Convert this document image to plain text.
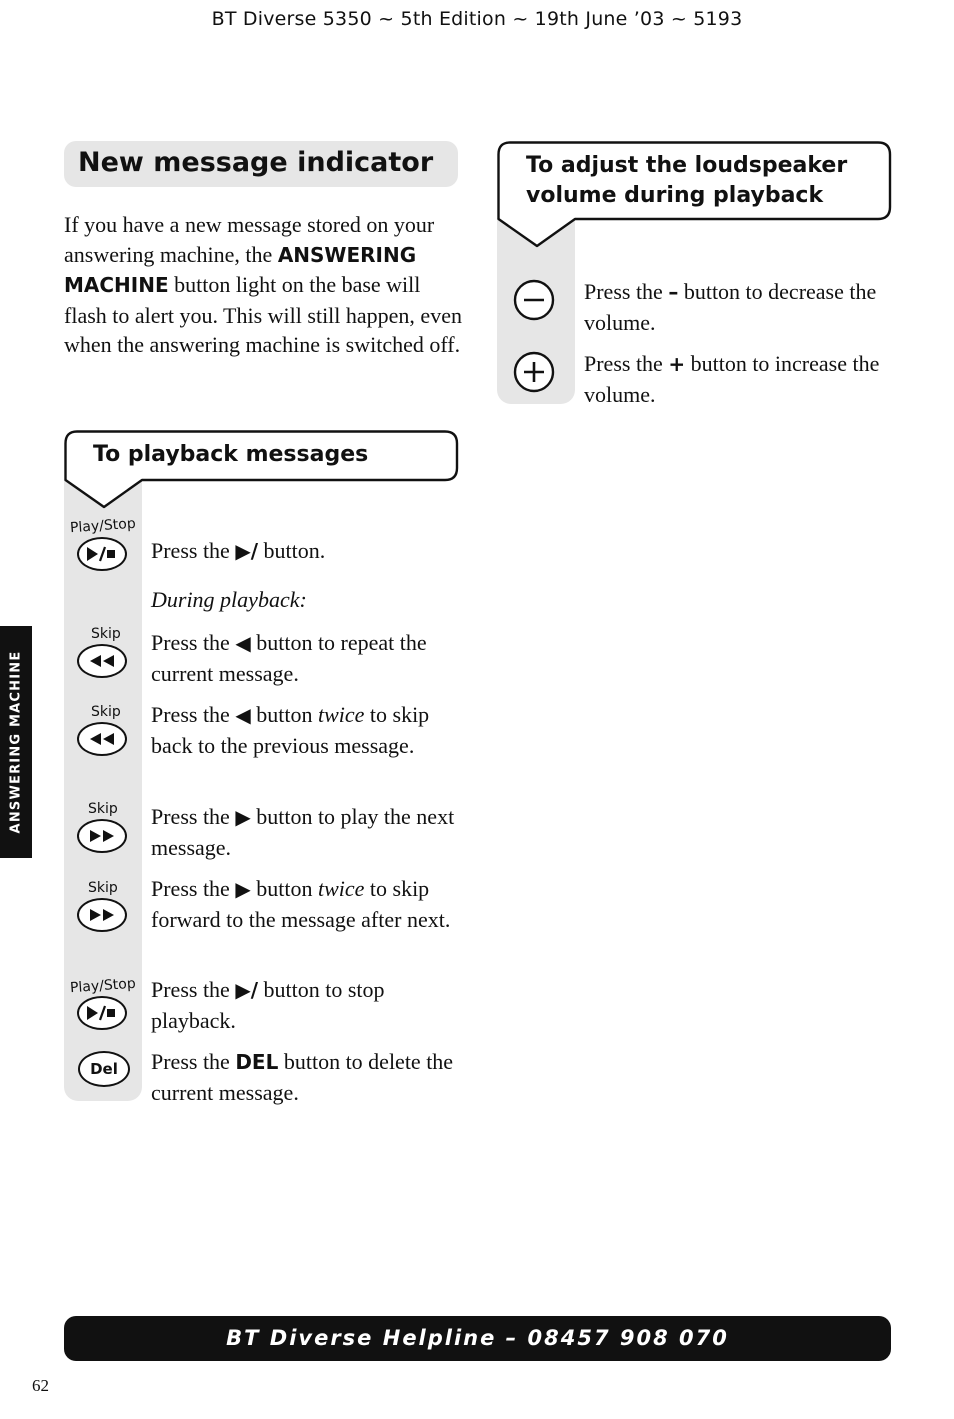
BT Diverse 5350 ~ 5th Edition ~ 19th June ’03 ~ 5193
New message indicator
If you have a new message stored on your answering machine, the ANSWERING MACHINE button light on the base will flash to alert you. This will still happen, even when the answering machine is switched off.
To playback messages
Play/Stop
Press the ▶/ button.
During playback:
Skip Press the ◀ button to repeat the current message.
Skip Press the ◀ button twice to skip back to the previous message.
Skip Press the ▶ button to play the next message.
Skip Press the ▶ button twice to skip forward to the message after next.
Play/Stop Press the ▶/ button to stop playback.
Del Press the DEL button to delete the current message.
To adjust the loudspeaker
volume during playback
Press the – button to decrease the volume.
Press the + button to increase the volume.
ANSWERING MACHINE
BT Diverse Helpline – 08457 908 070
62
